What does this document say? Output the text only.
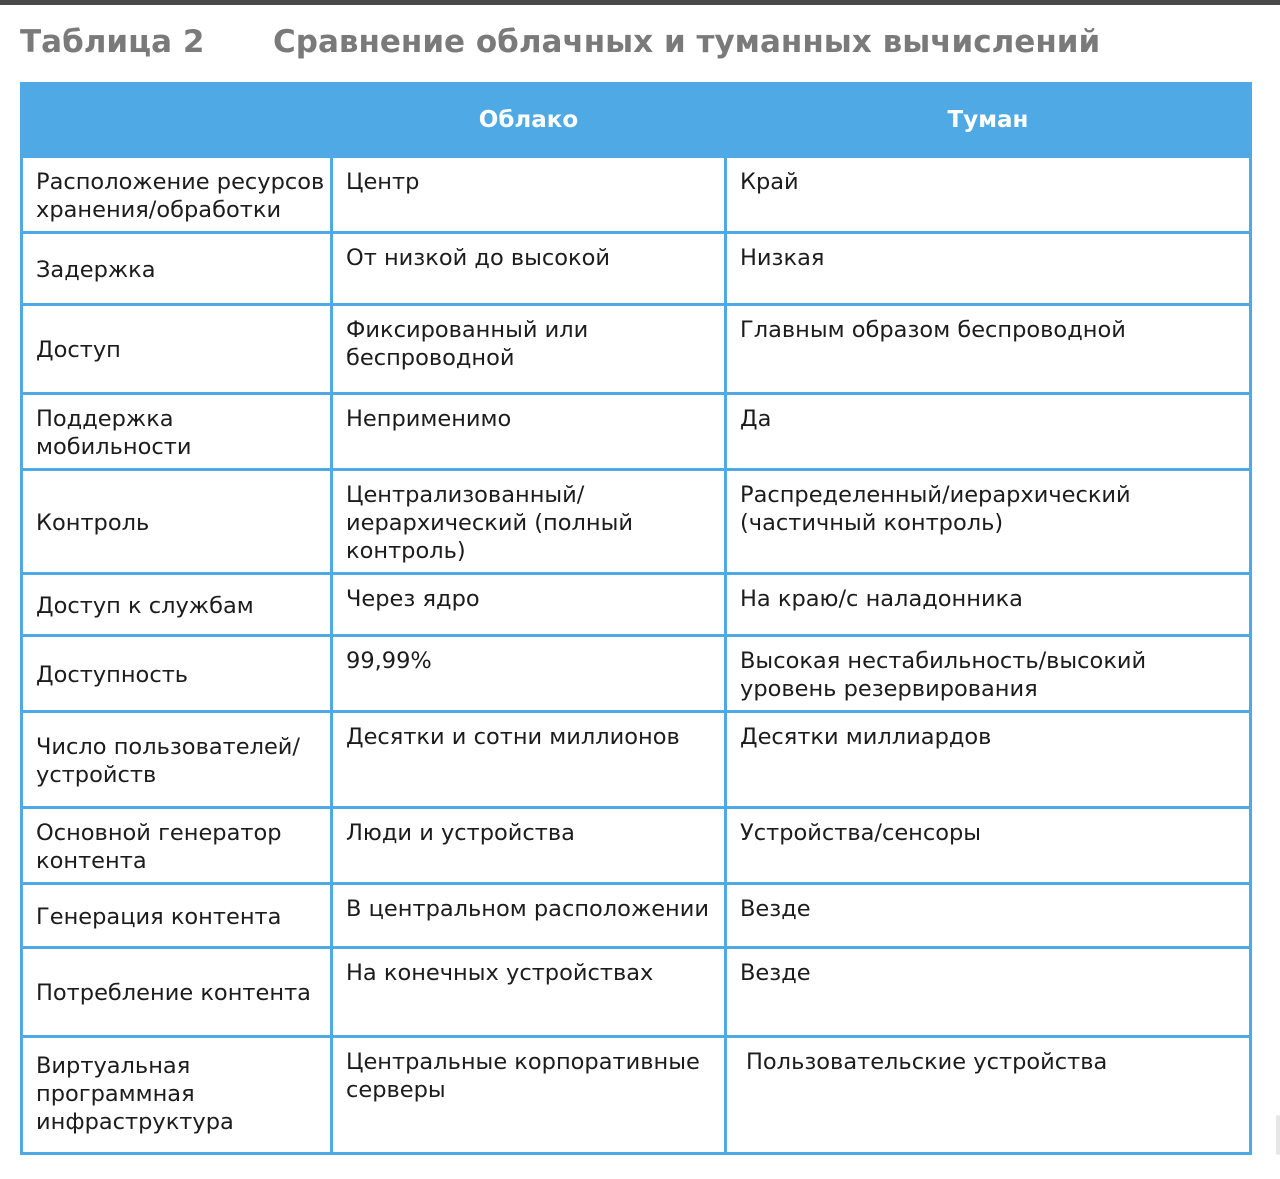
Таблица 2 Сравнение облачных и туманных вычислений
	Облако	Туман
Расположение ресурсов хранения/обработки	Центр	Край
Задержка	От низкой до высокой	Низкая
Доступ	Фиксированный или беспроводной	Главным образом беспроводной
Поддержка мобильности	Неприменимо	Да
Контроль	Централизованный/ иерархический (полный контроль)	Распределенный/иерархический (частичный контроль)
Доступ к службам	Через ядро	На краю/с наладонника
Доступность	99,99%	Высокая нестабильность/высокий уровень резервирования
Число пользователей/ устройств	Десятки и сотни миллионов	Десятки миллиардов
Основной генератор контента	Люди и устройства	Устройства/сенсоры
Генерация контента	В центральном расположении	Везде
Потребление контента	На конечных устройствах	Везде
Виртуальная программная инфраструктура	Центральные корпоративные серверы	Пользовательские устройства
